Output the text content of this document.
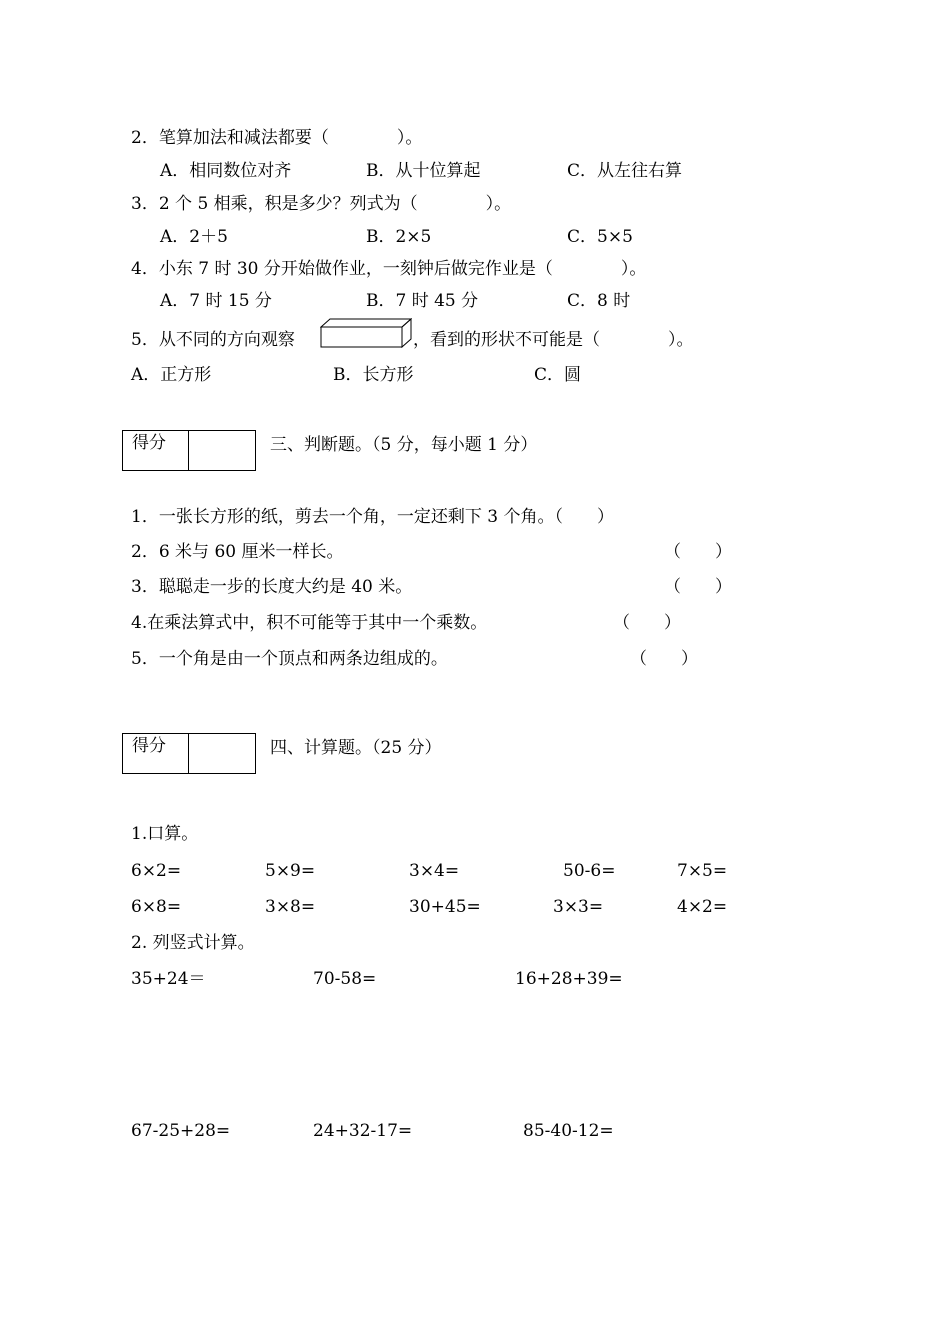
2．笔算加法和减法都要（　　　　）。
A．相同数位对齐	B．从十位算起	C．从左往右算
3．2 个 5 相乘，积是多少？列式为（　　　　）。
A．2＋5	B．2×5	C．5×5
4．小东 7 时 30 分开始做作业，一刻钟后做完作业是（　　　　）。
A．7 时 15 分	B．7 时 45 分	C．8 时
5．从不同的方向观察	，看到的形状不可能是（　　　　）。
A．正方形	B．长方形	C．圆
得分	三、判断题。（5 分，每小题 1 分）
1．一张长方形的纸，剪去一个角，一定还剩下 3 个角。（　　）
2．6 米与 60 厘米一样长。	（　　）
3．聪聪走一步的长度大约是 40 米。	（　　）
4.在乘法算式中，积不可能等于其中一个乘数。	（　　）
5．一个角是由一个顶点和两条边组成的。	（　　）
得分	四、计算题。（25 分）
1.口算。
6×2=	5×9=	3×4=	50-6=	7×5=
6×8=	3×8=	30+45=	3×3=	4×2=
2. 列竖式计算。
35+24＝	70-58=	16+28+39=
67-25+28=	24+32-17=	85-40-12=
